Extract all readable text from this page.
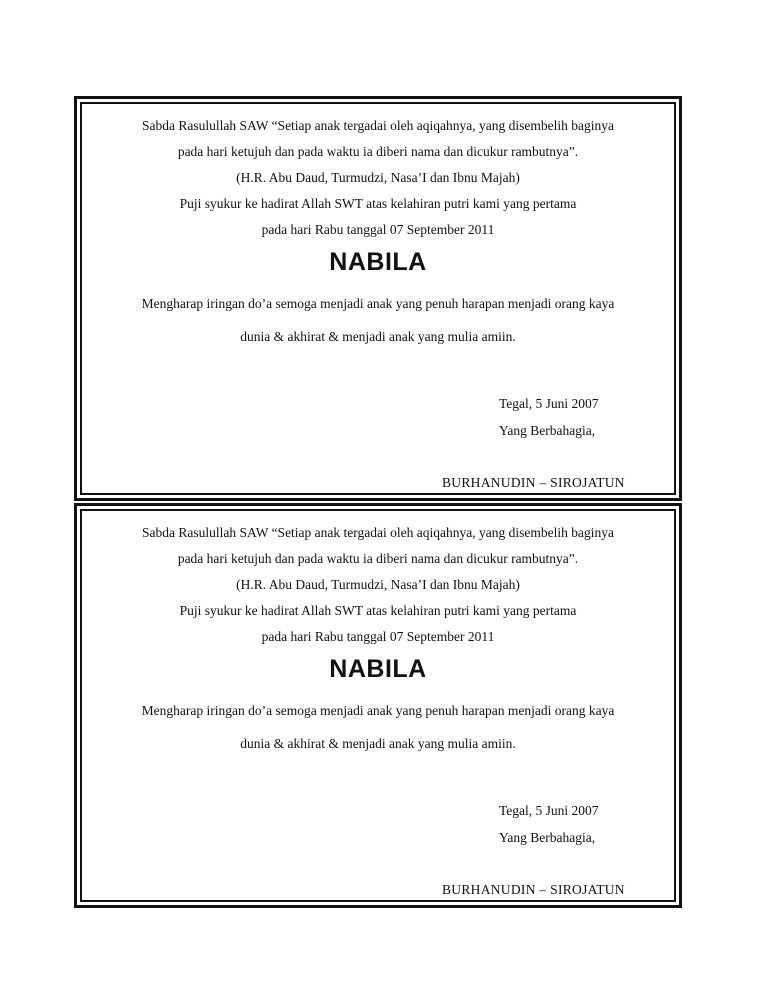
Sabda Rasulullah SAW “Setiap anak tergadai oleh aqiqahnya, yang disembelih baginya
pada hari ketujuh dan pada waktu ia diberi nama dan dicukur rambutnya”.
(H.R. Abu Daud, Turmudzi, Nasa’I dan Ibnu Majah)
Puji syukur ke hadirat Allah SWT atas kelahiran putri kami yang pertama
pada hari Rabu tanggal 07 September 2011
NABILA
Mengharap iringan do’a semoga menjadi anak yang penuh harapan menjadi orang kaya
dunia & akhirat & menjadi anak yang mulia amiin.
Tegal, 5 Juni 2007
Yang Berbahagia,
BURHANUDIN – SIROJATUN
Sabda Rasulullah SAW “Setiap anak tergadai oleh aqiqahnya, yang disembelih baginya
pada hari ketujuh dan pada waktu ia diberi nama dan dicukur rambutnya”.
(H.R. Abu Daud, Turmudzi, Nasa’I dan Ibnu Majah)
Puji syukur ke hadirat Allah SWT atas kelahiran putri kami yang pertama
pada hari Rabu tanggal 07 September 2011
NABILA
Mengharap iringan do’a semoga menjadi anak yang penuh harapan menjadi orang kaya
dunia & akhirat & menjadi anak yang mulia amiin.
Tegal, 5 Juni 2007
Yang Berbahagia,
BURHANUDIN – SIROJATUN
